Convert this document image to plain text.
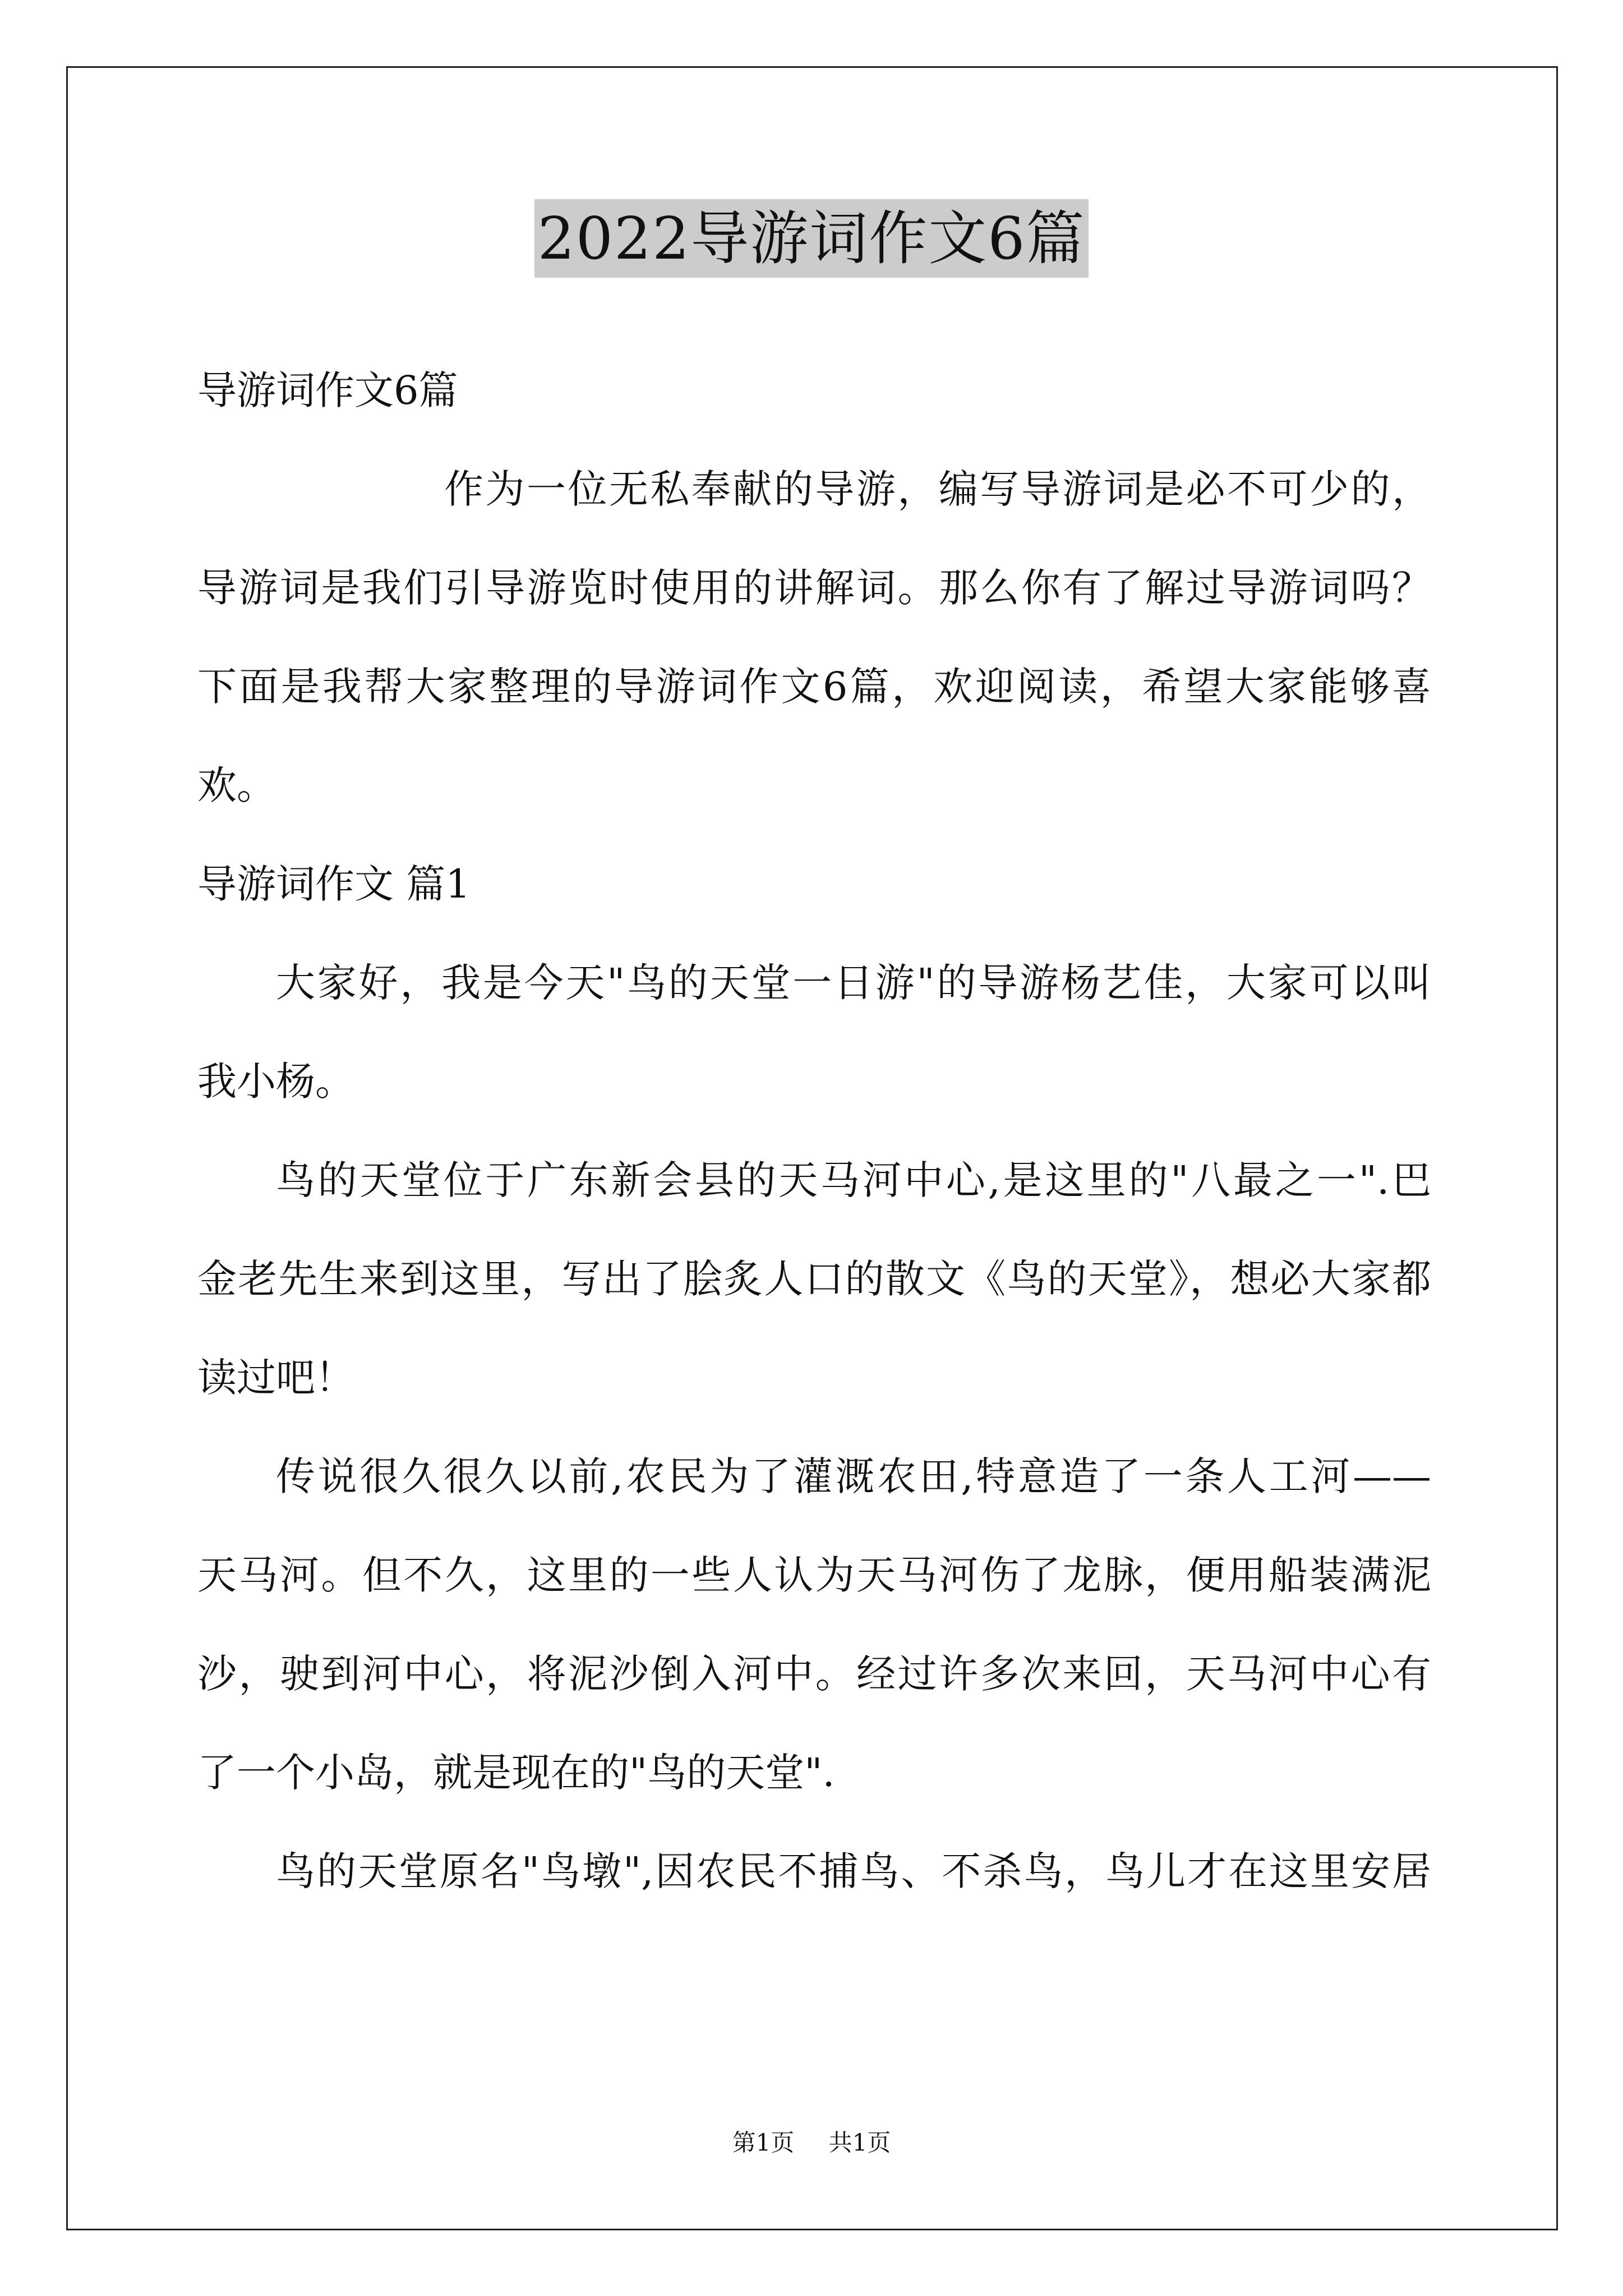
2022导游词作文6篇
导游词作文6篇
作为一位无私奉献的导游，编写导游词是必不可少的，
导游词是我们引导游览时使用的讲解词。那么你有了解过导游词吗？
下面是我帮大家整理的导游词作文6篇，欢迎阅读，希望大家能够喜
欢。
导游词作文 篇1
大家好，我是今天"鸟的天堂一日游"的导游杨艺佳，大家可以叫
我小杨。
鸟的天堂位于广东新会县的天马河中心,是这里的"八最之一".巴
金老先生来到这里，写出了脍炙人口的散文《鸟的天堂》，想必大家都
读过吧！
传说很久很久以前,农民为了灌溉农田,特意造了一条人工河——
天马河。但不久，这里的一些人认为天马河伤了龙脉，便用船装满泥
沙，驶到河中心，将泥沙倒入河中。经过许多次来回，天马河中心有
了一个小岛，就是现在的"鸟的天堂".
鸟的天堂原名"鸟墩",因农民不捕鸟、不杀鸟，鸟儿才在这里安居
第1页 共1页
